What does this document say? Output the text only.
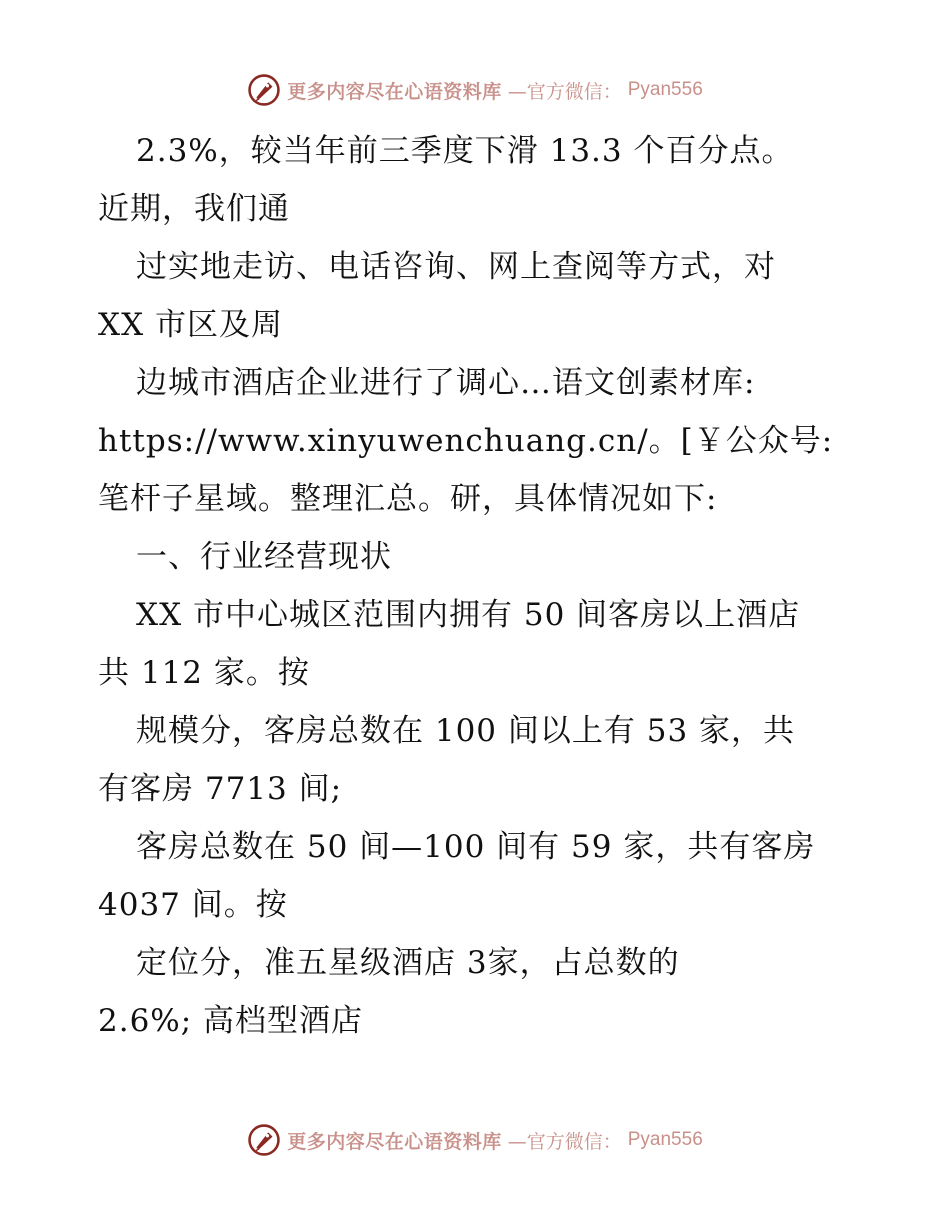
更多内容尽在心语资料库 —官方微信： Pyan556
2.3%，较当年前三季度下滑 13.3 个百分点。
近期，我们通
过实地走访、电话咨询、网上查阅等方式，对
XX 市区及周
边城市酒店企业进行了调心…语文创素材库:
https://www.xinyuwenchuang.cn/。[￥公众号:
笔杆子星域。整理汇总。研，具体情况如下:
一、行业经营现状
XX 市中心城区范围内拥有 50 间客房以上酒店
共 112 家。按
规模分，客房总数在 100 间以上有 53 家，共
有客房 7713 间;
客房总数在 50 间—100 间有 59 家，共有客房
4037 间。按
定位分，准五星级酒店 3家，占总数的
2.6%; 高档型酒店
更多内容尽在心语资料库 —官方微信： Pyan556
